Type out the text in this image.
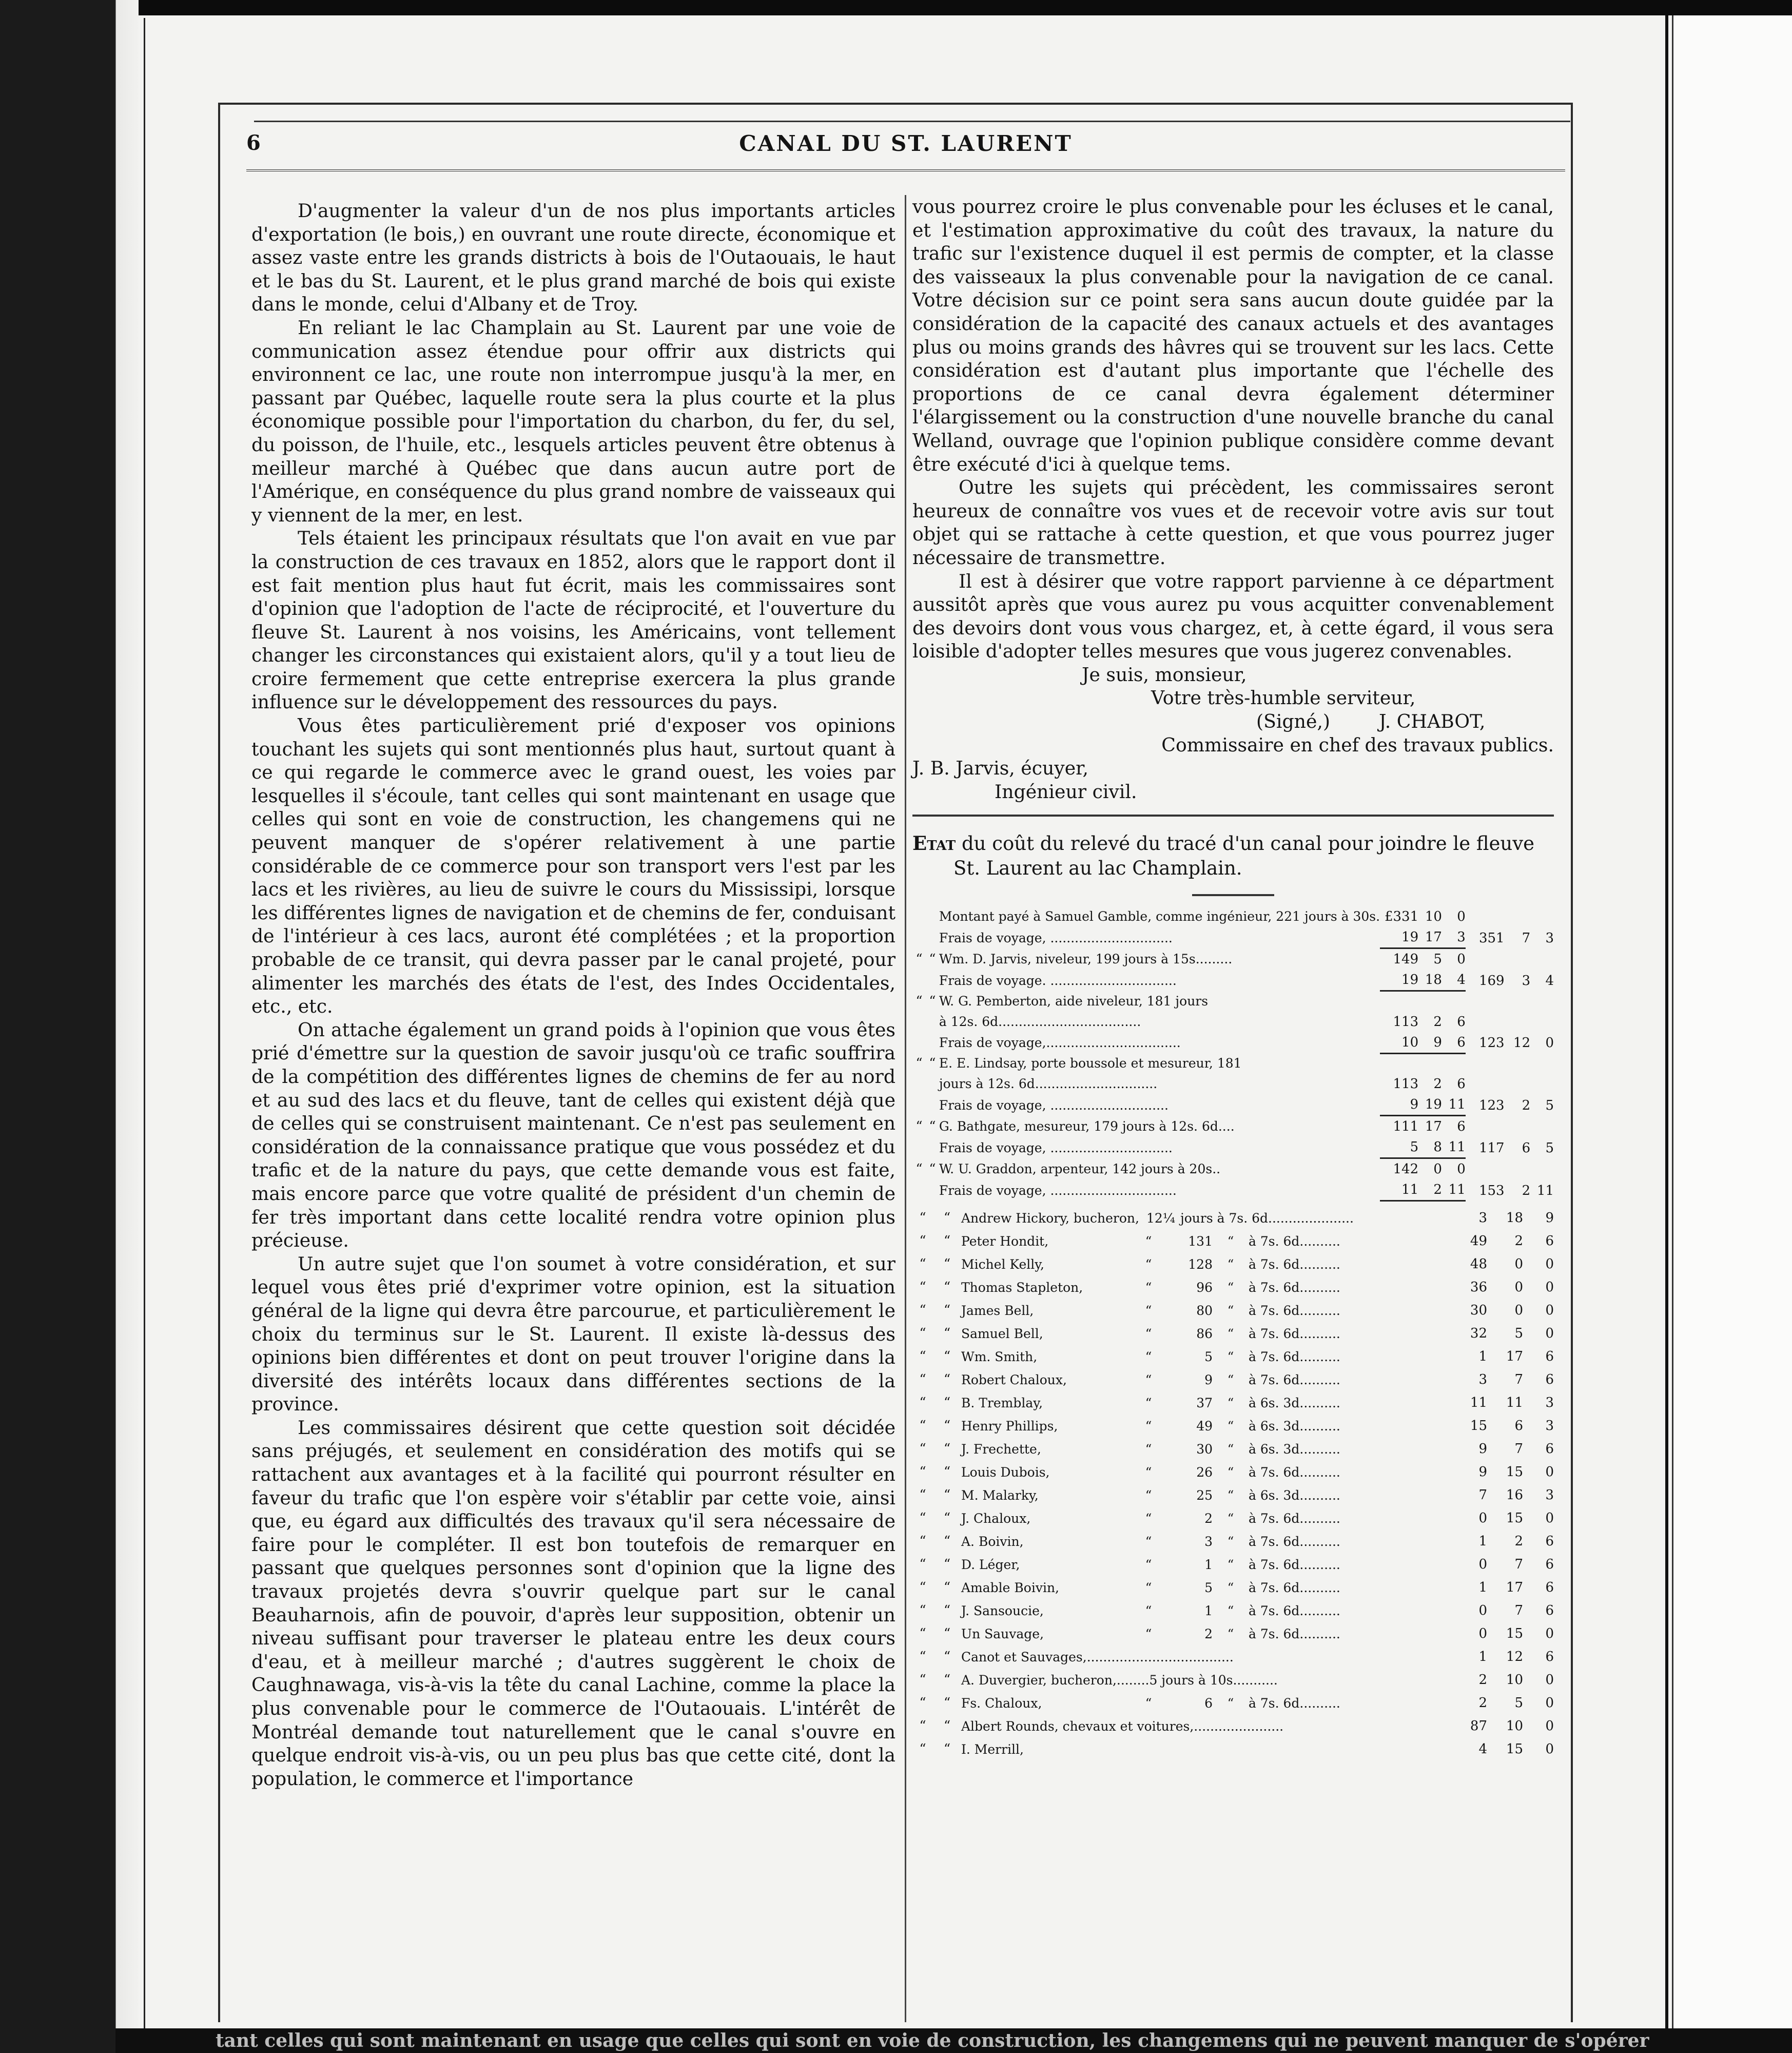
tant celles qui sont maintenant en usage que celles qui sont en voie de construction, les changemens qui ne peuvent manquer de s'opérer
6	CANAL DU ST. LAURENT

D'augmenter la valeur d'un de nos plus importants articles d'exportation (le bois,) en ouvrant une route directe, économique et assez vaste entre les grands districts à bois de l'Outaouais, le haut et le bas du St. Laurent, et le plus grand marché de bois qui existe dans le monde, celui d'Albany et de Troy.

En reliant le lac Champlain au St. Laurent par une voie de communication assez étendue pour offrir aux districts qui environnent ce lac, une route non interrompue jusqu'à la mer, en passant par Québec, laquelle route sera la plus courte et la plus économique possible pour l'importation du charbon, du fer, du sel, du poisson, de l'huile, etc., lesquels articles peuvent être obtenus à meilleur marché à Québec que dans aucun autre port de l'Amérique, en conséquence du plus grand nombre de vaisseaux qui y viennent de la mer, en lest.

Tels étaient les principaux résultats que l'on avait en vue par la construction de ces travaux en 1852, alors que le rapport dont il est fait mention plus haut fut écrit, mais les commissaires sont d'opinion que l'adoption de l'acte de réciprocité, et l'ouverture du fleuve St. Laurent à nos voisins, les Américains, vont tellement changer les circonstances qui existaient alors, qu'il y a tout lieu de croire fermement que cette entreprise exercera la plus grande influence sur le développement des ressources du pays.

Vous êtes particulièrement prié d'exposer vos opinions touchant les sujets qui sont mentionnés plus haut, surtout quant à ce qui regarde le commerce avec le grand ouest, les voies par lesquelles il s'écoule, tant celles qui sont maintenant en usage que celles qui sont en voie de construction, les changemens qui ne peuvent manquer de s'opérer relativement à une partie considérable de ce commerce pour son transport vers l'est par les lacs et les rivières, au lieu de suivre le cours du Mississipi, lorsque les différentes lignes de navigation et de chemins de fer, conduisant de l'intérieur à ces lacs, auront été complétées ; et la proportion probable de ce transit, qui devra passer par le canal projeté, pour alimenter les marchés des états de l'est, des Indes Occidentales, etc., etc.

On attache également un grand poids à l'opinion que vous êtes prié d'émettre sur la question de savoir jusqu'où ce trafic souffrira de la compétition des différentes lignes de chemins de fer au nord et au sud des lacs et du fleuve, tant de celles qui existent déjà que de celles qui se construisent maintenant. Ce n'est pas seulement en considération de la connaissance pratique que vous possédez et du trafic et de la nature du pays, que cette demande vous est faite, mais encore parce que votre qualité de président d'un chemin de fer très important dans cette localité rendra votre opinion plus précieuse.

Un autre sujet que l'on soumet à votre considération, et sur lequel vous êtes prié d'exprimer votre opinion, est la situation général de la ligne qui devra être parcourue, et particulièrement le choix du terminus sur le St. Laurent. Il existe là-dessus des opinions bien différentes et dont on peut trouver l'origine dans la diversité des intérêts locaux dans différentes sections de la province.

Les commissaires désirent que cette question soit décidée sans préjugés, et seulement en considération des motifs qui se rattachent aux avantages et à la facilité qui pourront résulter en faveur du trafic que l'on espère voir s'établir par cette voie, ainsi que, eu égard aux difficultés des travaux qu'il sera nécessaire de faire pour le compléter. Il est bon toutefois de remarquer en passant que quelques personnes sont d'opinion que la ligne des travaux projetés devra s'ouvrir quelque part sur le canal Beauharnois, afin de pouvoir, d'après leur supposition, obtenir un niveau suffisant pour traverser le plateau entre les deux cours d'eau, et à meilleur marché ; d'autres suggèrent le choix de Caughnawaga, vis-à-vis la tête du canal Lachine, comme la place la plus convenable pour le commerce de l'Outaouais. L'intérêt de Montréal demande tout naturellement que le canal s'ouvre en quelque endroit vis-à-vis, ou un peu plus bas que cette cité, dont la population, le commerce et l'importance

vous pourrez croire le plus convenable pour les écluses et le canal, et l'estimation approximative du coût des travaux, la nature du trafic sur l'existence duquel il est permis de compter, et la classe des vaisseaux la plus convenable pour la navigation de ce canal. Votre décision sur ce point sera sans aucun doute guidée par la considération de la capacité des canaux actuels et des avantages plus ou moins grands des hâvres qui se trouvent sur les lacs. Cette considération est d'autant plus importante que l'échelle des proportions de ce canal devra également déterminer l'élargissement ou la construction d'une nouvelle branche du canal Welland, ouvrage que l'opinion publique considère comme devant être exécuté d'ici à quelque tems.

Outre les sujets qui précèdent, les commissaires seront heureux de connaître vos vues et de recevoir votre avis sur tout objet qui se rattache à cette question, et que vous pourrez juger nécessaire de transmettre.

Il est à désirer que votre rapport parvienne à ce départment aussitôt après que vous aurez pu vous acquitter convenablement des devoirs dont vous vous chargez, et, à cette égard, il vous sera loisible d'adopter telles mesures que vous jugerez convenables.

Je suis, monsieur,

Votre très-humble serviteur,

(Signé,)	J. CHABOT,

Commissaire en chef des travaux publics.

J. B. Jarvis, écuyer,

Ingénieur civil.

Etat du coût du relevé du tracé d'un canal pour joindre le fleuve
St. Laurent au lac Champlain.
		Montant payé à Samuel Gamble, comme ingénieur, 221 jours à 30s.	£331	10	0			
		Frais de voyage, ..............................	19	17	3	351	7	3
“	“	Wm. D. Jarvis, niveleur, 199 jours à 15s.........	149	5	0			
		Frais de voyage. ...............................	19	18	4	169	3	4
“	“	W. G. Pemberton, aide niveleur, 181 jours						
		à 12s. 6d...................................	113	2	6			
		Frais de voyage,.................................	10	9	6	123	12	0
“	“	E. E. Lindsay, porte boussole et mesureur, 181						
		jours à 12s. 6d..............................	113	2	6			
		Frais de voyage, .............................	9	19	11	123	2	5
“	“	G. Bathgate, mesureur, 179 jours à 12s. 6d....	111	17	6			
		Frais de voyage, ..............................	5	8	11	117	6	5
“	“	W. U. Graddon, arpenteur, 142 jours à 20s..	142	0	0			
		Frais de voyage, ...............................	11	2	11	153	2	11
“	“	Andrew Hickory, bucheron, 12¼ jours à 7s. 6d.....................	3	18	9
“	“	Peter Hondit, “ 131 “ à 7s. 6d..........	49	2	6
“	“	Michel Kelly, “ 128 “ à 7s. 6d..........	48	0	0
“	“	Thomas Stapleton, “ 96 “ à 7s. 6d..........	36	0	0
“	“	James Bell, “ 80 “ à 7s. 6d..........	30	0	0
“	“	Samuel Bell, “ 86 “ à 7s. 6d..........	32	5	0
“	“	Wm. Smith, “ 5 “ à 7s. 6d..........	1	17	6
“	“	Robert Chaloux, “ 9 “ à 7s. 6d..........	3	7	6
“	“	B. Tremblay, “ 37 “ à 6s. 3d..........	11	11	3
“	“	Henry Phillips, “ 49 “ à 6s. 3d..........	15	6	3
“	“	J. Frechette, “ 30 “ à 6s. 3d..........	9	7	6
“	“	Louis Dubois, “ 26 “ à 7s. 6d..........	9	15	0
“	“	M. Malarky, “ 25 “ à 6s. 3d..........	7	16	3
“	“	J. Chaloux, “ 2 “ à 7s. 6d..........	0	15	0
“	“	A. Boivin, “ 3 “ à 7s. 6d..........	1	2	6
“	“	D. Léger, “ 1 “ à 7s. 6d..........	0	7	6
“	“	Amable Boivin, “ 5 “ à 7s. 6d..........	1	17	6
“	“	J. Sansoucie, “ 1 “ à 7s. 6d..........	0	7	6
“	“	Un Sauvage, “ 2 “ à 7s. 6d..........	0	15	0
“	“	Canot et Sauvages,....................................	1	12	6
“	“	A. Duvergier, bucheron,........5 jours à 10s...........	2	10	0
“	“	Fs. Chaloux, “ 6 “ à 7s. 6d..........	2	5	0
“	“	Albert Rounds, chevaux et voitures,......................	87	10	0
“	“	I. Merrill,	4	15	0
